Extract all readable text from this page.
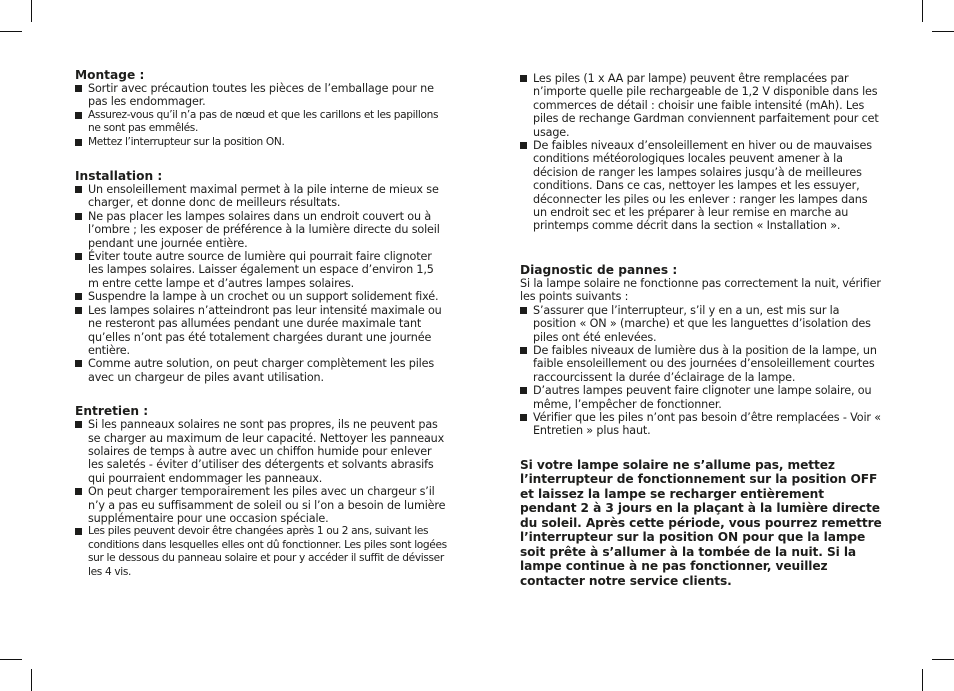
Montage :
Sortir avec précaution toutes les pièces de l’emballage pour ne pas les endommager.
Assurez-vous qu’il n’a pas de nœud et que les carillons et les papillons ne sont pas emmêlés.
Mettez l’interrupteur sur la position ON.
Installation :
Un ensoleillement maximal permet à la pile interne de mieux se charger, et donne donc de meilleurs résultats.
Ne pas placer les lampes solaires dans un endroit couvert ou à l’ombre ; les exposer de préférence à la lumière directe du soleil pendant une journée entière.
Éviter toute autre source de lumière qui pourrait faire clignoter les lampes solaires. Laisser également un espace d’environ 1,5 m entre cette lampe et d’autres lampes solaires.
Suspendre la lampe à un crochet ou un support solidement fixé.
Les lampes solaires n’atteindront pas leur intensité maximale ou ne resteront pas allumées pendant une durée maximale tant qu’elles n’ont pas été totalement chargées durant une journée entière.
Comme autre solution, on peut charger complètement les piles avec un chargeur de piles avant utilisation.
Entretien :
Si les panneaux solaires ne sont pas propres, ils ne peuvent pas se charger au maximum de leur capacité. Nettoyer les panneaux solaires de temps à autre avec un chiffon humide pour enlever les saletés - éviter d’utiliser des détergents et solvants abrasifs qui pourraient endommager les panneaux.
On peut charger temporairement les piles avec un chargeur s’il n’y a pas eu suffisamment de soleil ou si l’on a besoin de lumière supplémentaire pour une occasion spéciale.
Les piles peuvent devoir être changées après 1 ou 2 ans, suivant les conditions dans lesquelles elles ont dû fonctionner. Les piles sont logées sur le dessous du panneau solaire et pour y accéder il suffit de dévisser les 4 vis.
Les piles (1 x AA par lampe) peuvent être remplacées par n’importe quelle pile rechargeable de 1,2 V disponible dans les commerces de détail : choisir une faible intensité (mAh). Les piles de rechange Gardman conviennent parfaitement pour cet usage.
De faibles niveaux d’ensoleillement en hiver ou de mauvaises conditions météorologiques locales peuvent amener à la décision de ranger les lampes solaires jusqu’à de meilleures conditions. Dans ce cas, nettoyer les lampes et les essuyer, déconnecter les piles ou les enlever : ranger les lampes dans un endroit sec et les préparer à leur remise en marche au printemps comme décrit dans la section « Installation ».
Diagnostic de pannes :

Si la lampe solaire ne fonctionne pas correctement la nuit, vérifier les points suivants :

S’assurer que l’interrupteur, s’il y en a un, est mis sur la position « ON » (marche) et que les languettes d’isolation des piles ont été enlevées.
De faibles niveaux de lumière dus à la position de la lampe, un faible ensoleillement ou des journées d’ensoleillement courtes raccourcissent la durée d’éclairage de la lampe.
D’autres lampes peuvent faire clignoter une lampe solaire, ou même, l’empêcher de fonctionner.
Vérifier que les piles n’ont pas besoin d’être remplacées - Voir « Entretien » plus haut.

Si votre lampe solaire ne s’allume pas, mettez l’interrupteur de fonctionnement sur la position OFF et laissez la lampe se recharger entièrement pendant 2 à 3 jours en la plaçant à la lumière directe du soleil. Après cette période, vous pourrez remettre l’interrupteur sur la position ON pour que la lampe soit prête à s’allumer à la tombée de la nuit. Si la lampe continue à ne pas fonctionner, veuillez contacter notre service clients.
